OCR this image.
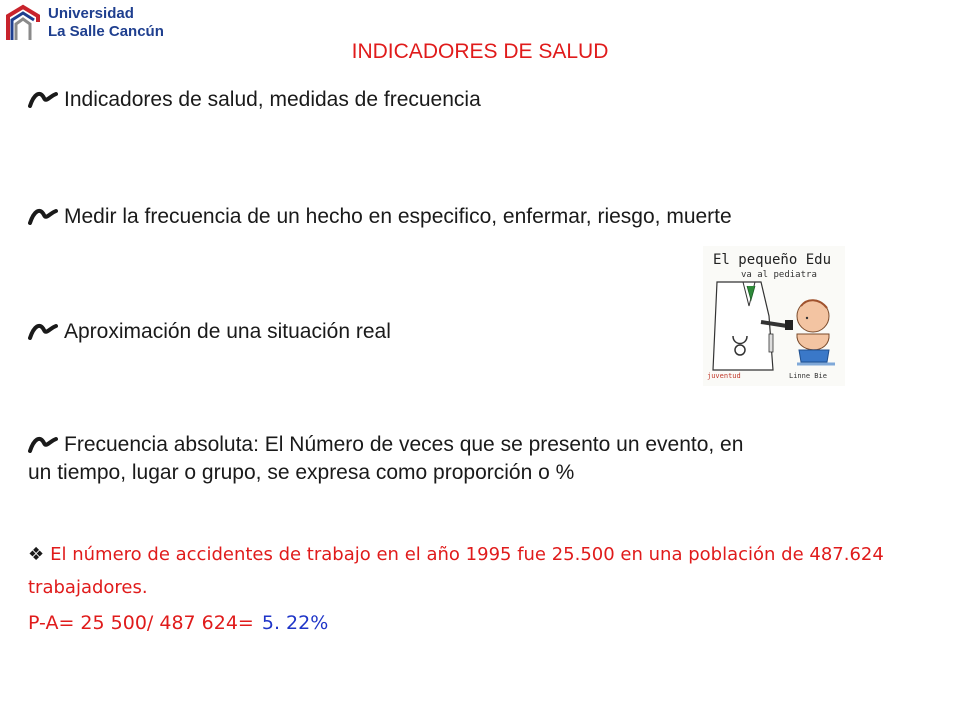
Universidad
La Salle Cancún
INDICADORES DE SALUD
Indicadores de salud, medidas de frecuencia
Medir la frecuencia de un hecho en especifico, enfermar, riesgo, muerte
Aproximación de una situación real
Frecuencia absoluta: El Número de veces que se presento un evento, en
un tiempo, lugar o grupo, se expresa como proporción o %
❖ El número de accidentes de trabajo en el año 1995 fue 25.500 en una población de 487.624 trabajadores.
P-A= 25 500/ 487 624= 5. 22%
El pequeño Edu
va al pediatra
juventud	Linne Bie
